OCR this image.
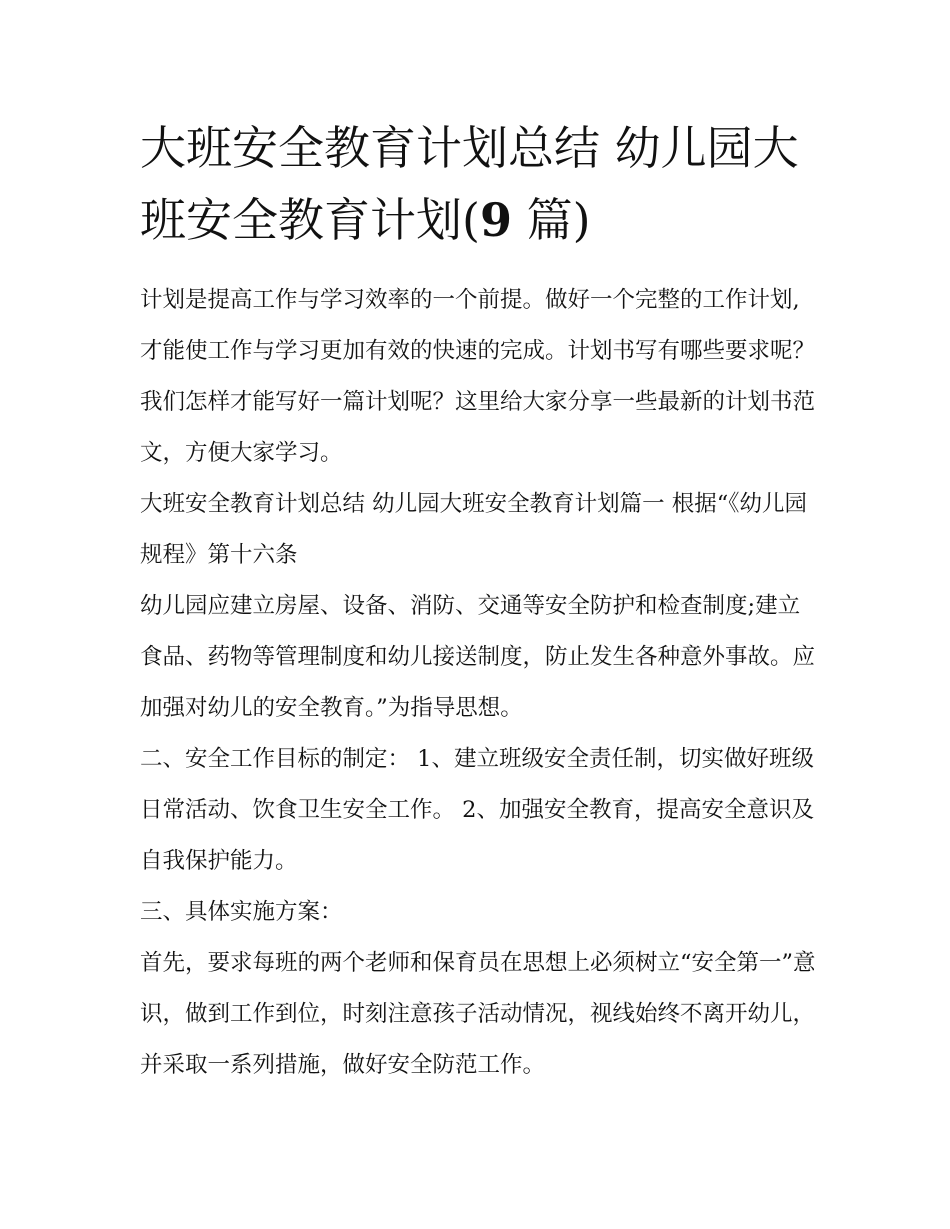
大班安全教育计划总结 幼儿园大班安全教育计划(9 篇)

计划是提高工作与学习效率的一个前提。做好一个完整的工作计划,才能使工作与学习更加有效的快速的完成。计划书写有哪些要求呢？我们怎样才能写好一篇计划呢？这里给大家分享一些最新的计划书范文，方便大家学习。

大班安全教育计划总结 幼儿园大班安全教育计划篇一 根据“《幼儿园规程》第十六条

幼儿园应建立房屋、设备、消防、交通等安全防护和检查制度;建立食品、药物等管理制度和幼儿接送制度，防止发生各种意外事故。应加强对幼儿的安全教育。”为指导思想。

二、安全工作目标的制定： 1、建立班级安全责任制，切实做好班级日常活动、饮食卫生安全工作。 2、加强安全教育，提高安全意识及自我保护能力。

三、具体实施方案：

首先，要求每班的两个老师和保育员在思想上必须树立“安全第一”意识，做到工作到位，时刻注意孩子活动情况，视线始终不离开幼儿，并采取一系列措施，做好安全防范工作。
